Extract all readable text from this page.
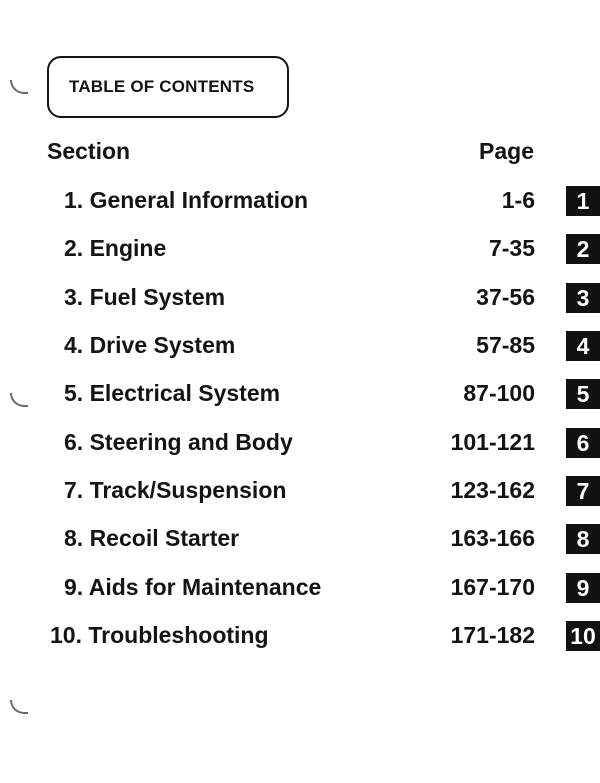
TABLE OF CONTENTS
Section	Page
1. General Information	1-6	1
2. Engine	7-35	2
3. Fuel System	37-56	3
4. Drive System	57-85	4
5. Electrical System	87-100	5
6. Steering and Body	101-121	6
7. Track/Suspension	123-162	7
8. Recoil Starter	163-166	8
9. Aids for Maintenance	167-170	9
10. Troubleshooting	171-182 10
